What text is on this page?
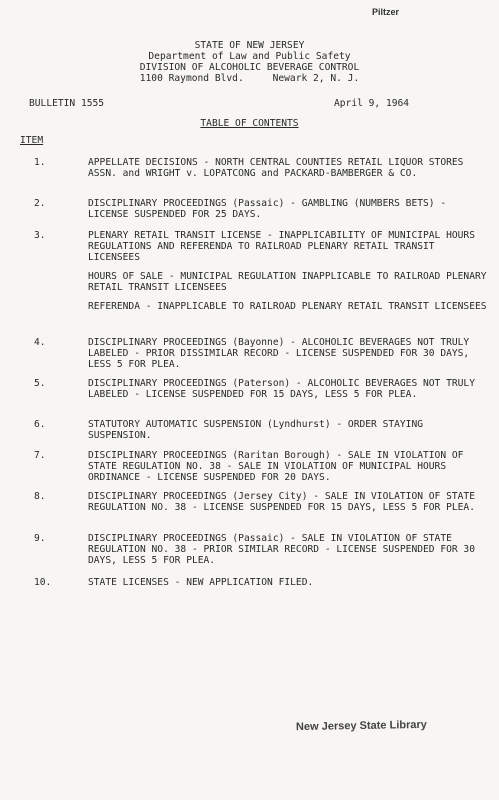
Piltzer
STATE OF NEW JERSEY
Department of Law and Public Safety
DIVISION OF ALCOHOLIC BEVERAGE CONTROL
1100 Raymond Blvd.     Newark 2, N. J.
BULLETIN 1555	April 9, 1964
TABLE OF CONTENTS
ITEM
1.	APPELLATE DECISIONS - NORTH CENTRAL COUNTIES RETAIL LIQUOR STORES ASSN. and WRIGHT v. LOPATCONG and PACKARD-BAMBERGER & CO.
2.	DISCIPLINARY PROCEEDINGS (Passaic) - GAMBLING (NUMBERS BETS) - LICENSE SUSPENDED FOR 25 DAYS.
3.	PLENARY RETAIL TRANSIT LICENSE - INAPPLICABILITY OF MUNICIPAL HOURS REGULATIONS AND REFERENDA TO RAILROAD PLENARY RETAIL TRANSIT LICENSEES
HOURS OF SALE - MUNICIPAL REGULATION INAPPLICABLE TO RAILROAD PLENARY RETAIL TRANSIT LICENSEES
REFERENDA - INAPPLICABLE TO RAILROAD PLENARY RETAIL TRANSIT LICENSEES
4.	DISCIPLINARY PROCEEDINGS (Bayonne) - ALCOHOLIC BEVERAGES NOT TRULY LABELED - PRIOR DISSIMILAR RECORD - LICENSE SUSPENDED FOR 30 DAYS, LESS 5 FOR PLEA.
5.	DISCIPLINARY PROCEEDINGS (Paterson) - ALCOHOLIC BEVERAGES NOT TRULY LABELED - LICENSE SUSPENDED FOR 15 DAYS, LESS 5 FOR PLEA.
6.	STATUTORY AUTOMATIC SUSPENSION (Lyndhurst) - ORDER STAYING SUSPENSION.
7.	DISCIPLINARY PROCEEDINGS (Raritan Borough) - SALE IN VIOLATION OF STATE REGULATION NO. 38 - SALE IN VIOLATION OF MUNICIPAL HOURS ORDINANCE - LICENSE SUSPENDED FOR 20 DAYS.
8.	DISCIPLINARY PROCEEDINGS (Jersey City) - SALE IN VIOLATION OF STATE REGULATION NO. 38 - LICENSE SUSPENDED FOR 15 DAYS, LESS 5 FOR PLEA.
9.	DISCIPLINARY PROCEEDINGS (Passaic) - SALE IN VIOLATION OF STATE REGULATION NO. 38 - PRIOR SIMILAR RECORD - LICENSE SUSPENDED FOR 30 DAYS, LESS 5 FOR PLEA.
10.	STATE LICENSES - NEW APPLICATION FILED.
New Jersey State Library
